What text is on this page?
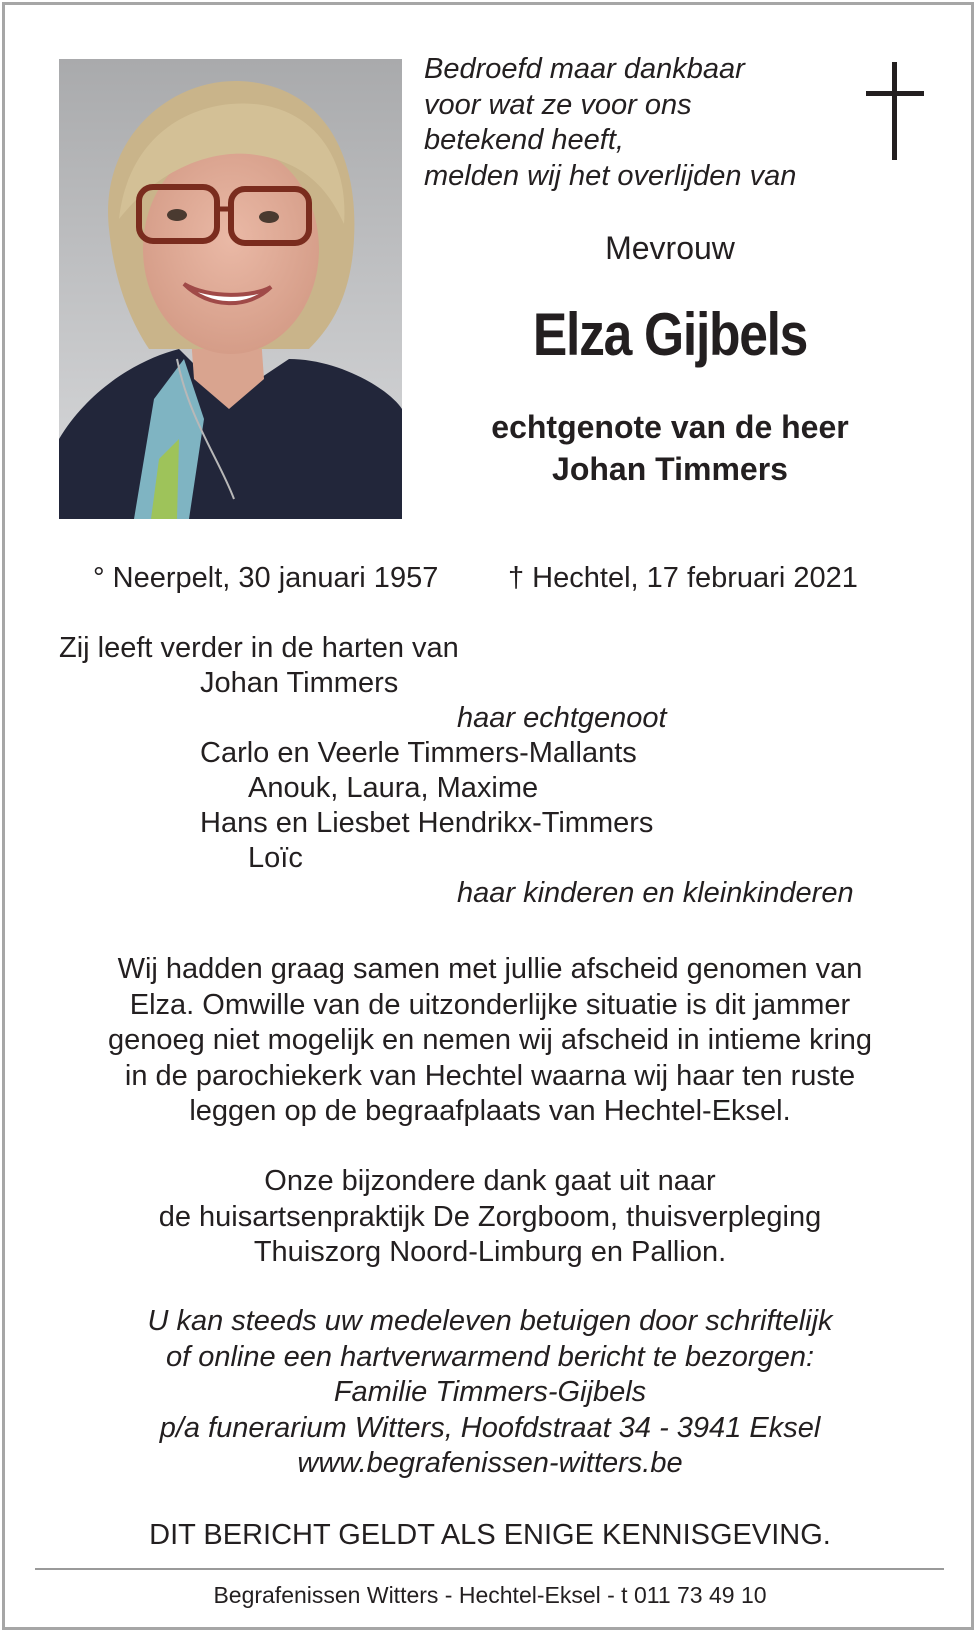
Bedroefd maar dankbaar
voor wat ze voor ons
betekend heeft,
melden wij het overlijden van
Mevrouw
Elza Gijbels
echtgenote van de heer
Johan Timmers
° Neerpelt, 30 januari 1957 † Hechtel, 17 februari 2021
Zij leeft verder in de harten van
Johan Timmers
haar echtgenoot
Carlo en Veerle Timmers-Mallants
Anouk, Laura, Maxime
Hans en Liesbet Hendrikx-Timmers
Loïc
haar kinderen en kleinkinderen
Wij hadden graag samen met jullie afscheid genomen van
Elza. Omwille van de uitzonderlijke situatie is dit jammer
genoeg niet mogelijk en nemen wij afscheid in intieme kring
in de parochiekerk van Hechtel waarna wij haar ten ruste
leggen op de begraafplaats van Hechtel-Eksel.
Onze bijzondere dank gaat uit naar
de huisartsenpraktijk De Zorgboom, thuisverpleging
Thuiszorg Noord-Limburg en Pallion.
U kan steeds uw medeleven betuigen door schriftelijk
of online een hartverwarmend bericht te bezorgen:
Familie Timmers-Gijbels
p/a funerarium Witters, Hoofdstraat 34 - 3941 Eksel
www.begrafenissen-witters.be
DIT BERICHT GELDT ALS ENIGE KENNISGEVING.
Begrafenissen Witters - Hechtel-Eksel - t 011 73 49 10
